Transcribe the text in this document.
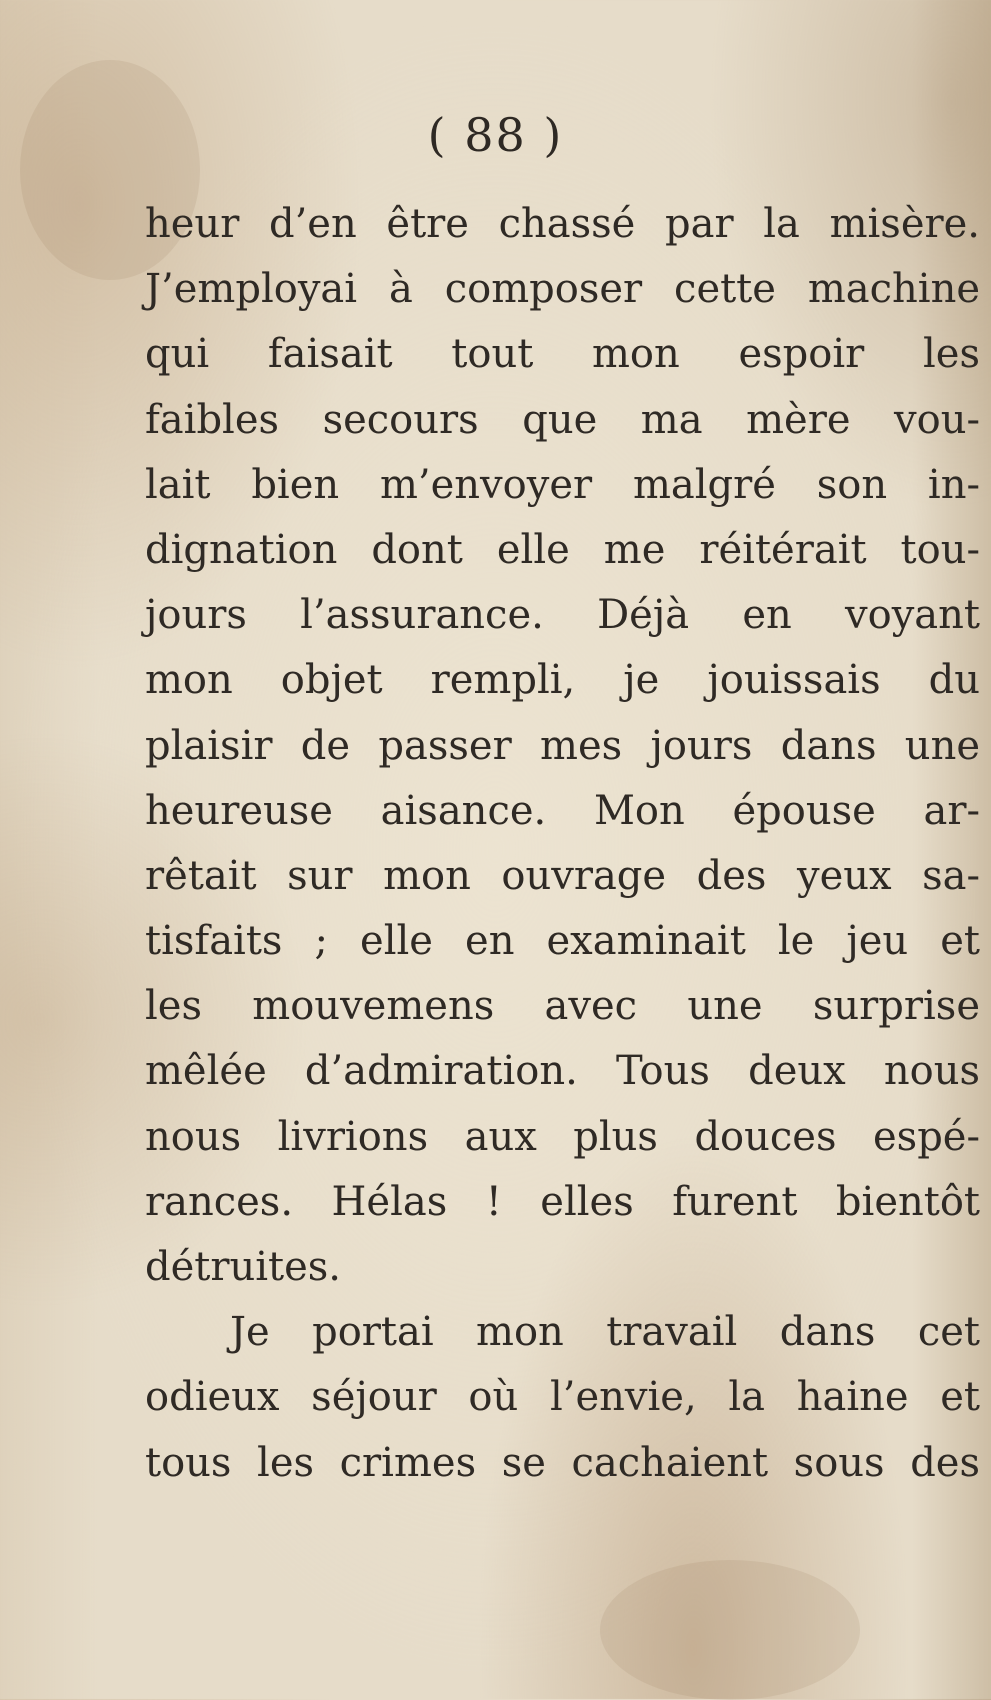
( 88 )
heur d’en être chassé par la misère.
J’employai à composer cette machine
qui faisait tout mon espoir les
faibles secours que ma mère vou-
lait bien m’envoyer malgré son in-
dignation dont elle me réitérait tou-
jours l’assurance. Déjà en voyant
mon objet rempli, je jouissais du
plaisir de passer mes jours dans une
heureuse aisance. Mon épouse ar-
rêtait sur mon ouvrage des yeux sa-
tisfaits ; elle en examinait le jeu et
les mouvemens avec une surprise
mêlée d’admiration. Tous deux nous
nous livrions aux plus douces espé-
rances. Hélas ! elles furent bientôt
détruites.
Je portai mon travail dans cet
odieux séjour où l’envie, la haine et
tous les crimes se cachaient sous des
